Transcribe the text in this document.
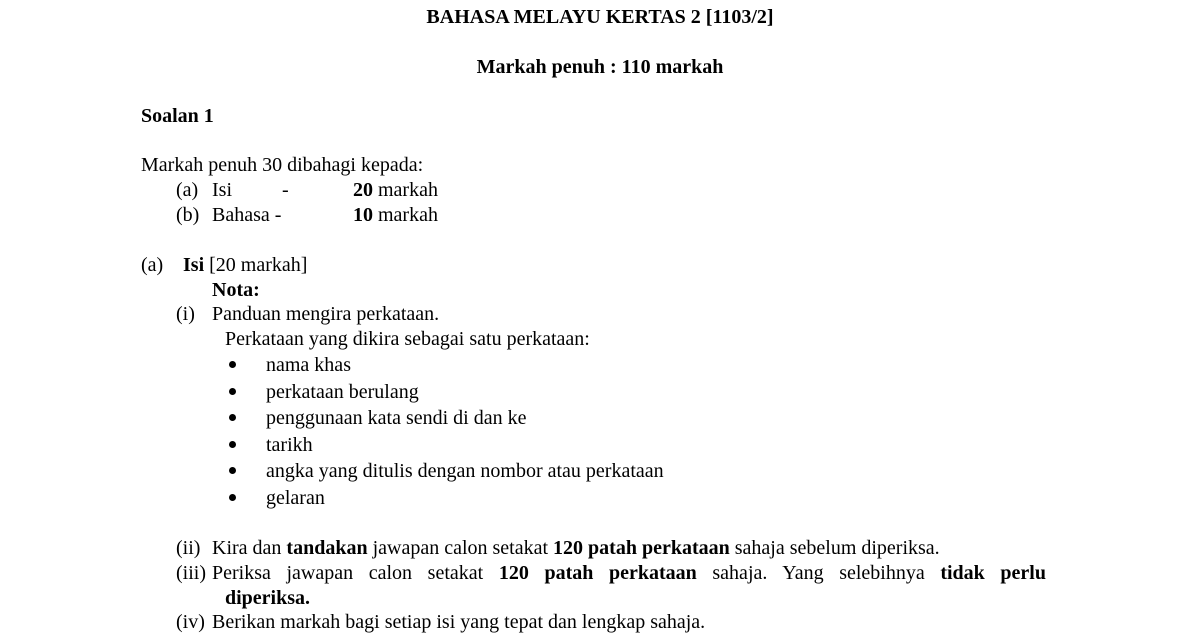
BAHASA MELAYU KERTAS 2 [1103/2]
Markah penuh : 110 markah
Soalan 1
Markah penuh 30 dibahagi kepada:
(a) Isi	-	20 markah
(b) Bahasa -	10 markah
(a) Isi [20 markah]
Nota:
(i) Panduan mengira perkataan.
Perkataan yang dikira sebagai satu perkataan:
nama khas
perkataan berulang
penggunaan kata sendi di dan ke
tarikh
angka yang ditulis dengan nombor atau perkataan
gelaran
(ii) Kira dan tandakan jawapan calon setakat 120 patah perkataan sahaja sebelum diperiksa.
(iii) Periksa jawapan calon setakat 120 patah perkataan sahaja. Yang selebihnya tidak perlu
diperiksa.
(iv) Berikan markah bagi setiap isi yang tepat dan lengkap sahaja.
